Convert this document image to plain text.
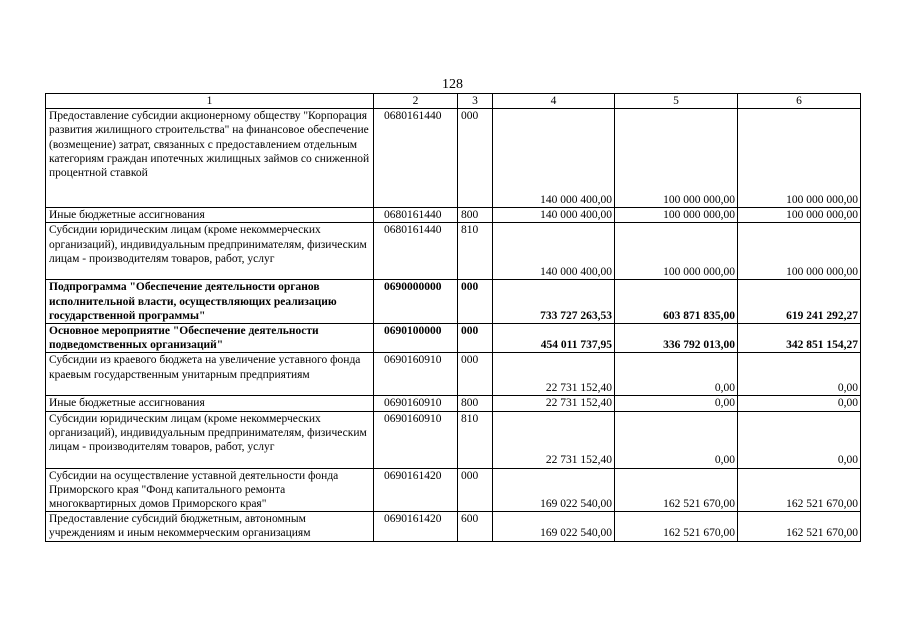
128
1	2	3	4	5	6
Предоставление субсидии акционерному обществу "Корпорация развития жилищного строительства" на финансовое обеспечение (возмещение) затрат, связанных с предоставлением отдельным категориям граждан ипотечных жилищных займов со сниженной процентной ставкой	0680161440	000	140 000 400,00	100 000 000,00	100 000 000,00
Иные бюджетные ассигнования	0680161440	800	140 000 400,00	100 000 000,00	100 000 000,00
Субсидии юридическим лицам (кроме некоммерческих организаций), индивидуальным предпринимателям, физическим лицам - производителям товаров, работ, услуг	0680161440	810	140 000 400,00	100 000 000,00	100 000 000,00
Подпрограмма "Обеспечение деятельности органов исполнительной власти, осуществляющих реализацию государственной программы"	0690000000	000	733 727 263,53	603 871 835,00	619 241 292,27
Основное мероприятие "Обеспечение деятельности подведомственных организаций"	0690100000	000	454 011 737,95	336 792 013,00	342 851 154,27
Субсидии из краевого бюджета на увеличение уставного фонда краевым государственным унитарным предприятиям	0690160910	000	22 731 152,40	0,00	0,00
Иные бюджетные ассигнования	0690160910	800	22 731 152,40	0,00	0,00
Субсидии юридическим лицам (кроме некоммерческих организаций), индивидуальным предпринимателям, физическим лицам - производителям товаров, работ, услуг	0690160910	810	22 731 152,40	0,00	0,00
Субсидии на осуществление уставной деятельности фонда Приморского края "Фонд капитального ремонта многоквартирных домов Приморского края"	0690161420	000	169 022 540,00	162 521 670,00	162 521 670,00
Предоставление субсидий бюджетным, автономным учреждениям и иным некоммерческим организациям	0690161420	600	169 022 540,00	162 521 670,00	162 521 670,00
